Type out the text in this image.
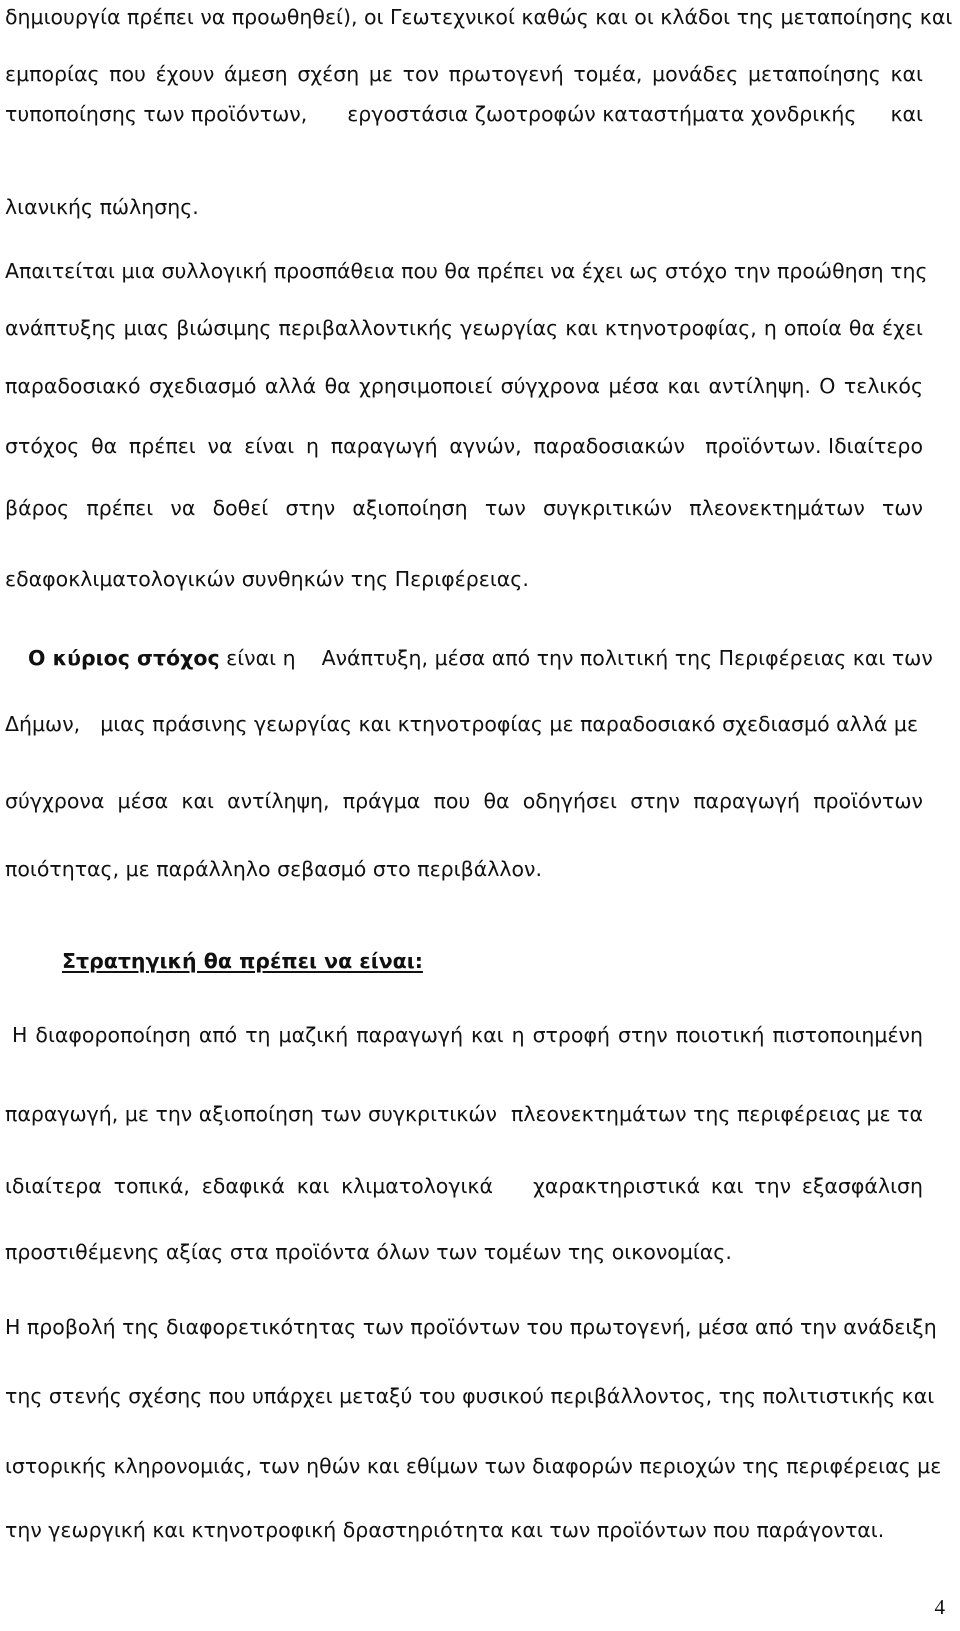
δημιουργία πρέπει να προωθηθεί), οι Γεωτεχνικοί καθώς και οι κλάδοι της μεταποίησης και
εμπορίας που έχουν άμεση σχέση με τον πρωτογενή τομέα, μονάδες μεταποίησης και
τυποποίησης των προϊόντων, εργοστάσια ζωοτροφών καταστήματα χονδρικής και
λιανικής πώλησης.
Απαιτείται μια συλλογική προσπάθεια που θα πρέπει να έχει ως στόχο την προώθηση της
ανάπτυξης μιας βιώσιμης περιβαλλοντικής γεωργίας και κτηνοτροφίας, η οποία θα έχει
παραδοσιακό σχεδιασμό αλλά θα χρησιμοποιεί σύγχρονα μέσα και αντίληψη. Ο τελικός
στόχος θα πρέπει να είναι η παραγωγή αγνών, παραδοσιακών προϊόντων. Ιδιαίτερο
βάρος πρέπει να δοθεί στην αξιοποίηση των συγκριτικών πλεονεκτημάτων των
εδαφοκλιματολογικών συνθηκών της Περιφέρειας.
Ο κύριος στόχος είναι η Ανάπτυξη, μέσα από την πολιτική της Περιφέρειας και των
Δήμων, μιας πράσινης γεωργίας και κτηνοτροφίας με παραδοσιακό σχεδιασμό αλλά με
σύγχρονα μέσα και αντίληψη, πράγμα που θα οδηγήσει στην παραγωγή προϊόντων
ποιότητας, με παράλληλο σεβασμό στο περιβάλλον.
Στρατηγική θα πρέπει να είναι:
Η διαφοροποίηση από τη μαζική παραγωγή και η στροφή στην ποιοτική πιστοποιημένη
παραγωγή, με την αξιοποίηση των συγκριτικών πλεονεκτημάτων της περιφέρειας με τα
ιδιαίτερα τοπικά, εδαφικά και κλιματολογικά χαρακτηριστικά και την εξασφάλιση
προστιθέμενης αξίας στα προϊόντα όλων των τομέων της οικονομίας.
Η προβολή της διαφορετικότητας των προϊόντων του πρωτογενή, μέσα από την ανάδειξη
της στενής σχέσης που υπάρχει μεταξύ του φυσικού περιβάλλοντος, της πολιτιστικής και
ιστορικής κληρονομιάς, των ηθών και εθίμων των διαφορών περιοχών της περιφέρειας με
την γεωργική και κτηνοτροφική δραστηριότητα και των προϊόντων που παράγονται.
4
